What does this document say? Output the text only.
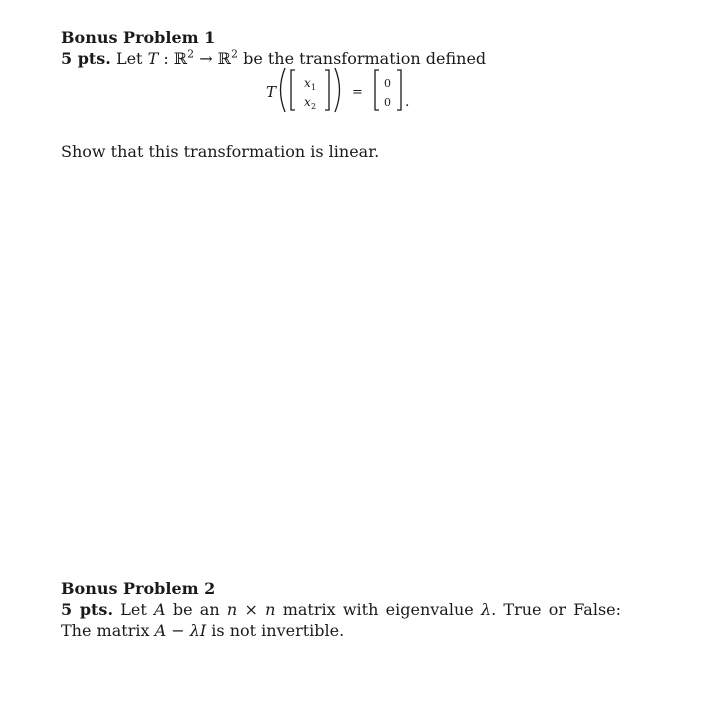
Bonus Problem 1

5 pts. Let T : ℝ$^2$ → ℝ$^2$ be the transformation defined

T x 1
x 2
=
0
0 .

Show that this transformation is linear.

Bonus Problem 2

5 pts. Let A be an n × n matrix with eigenvalue λ. True or False: The matrix A − λI is not invertible.
